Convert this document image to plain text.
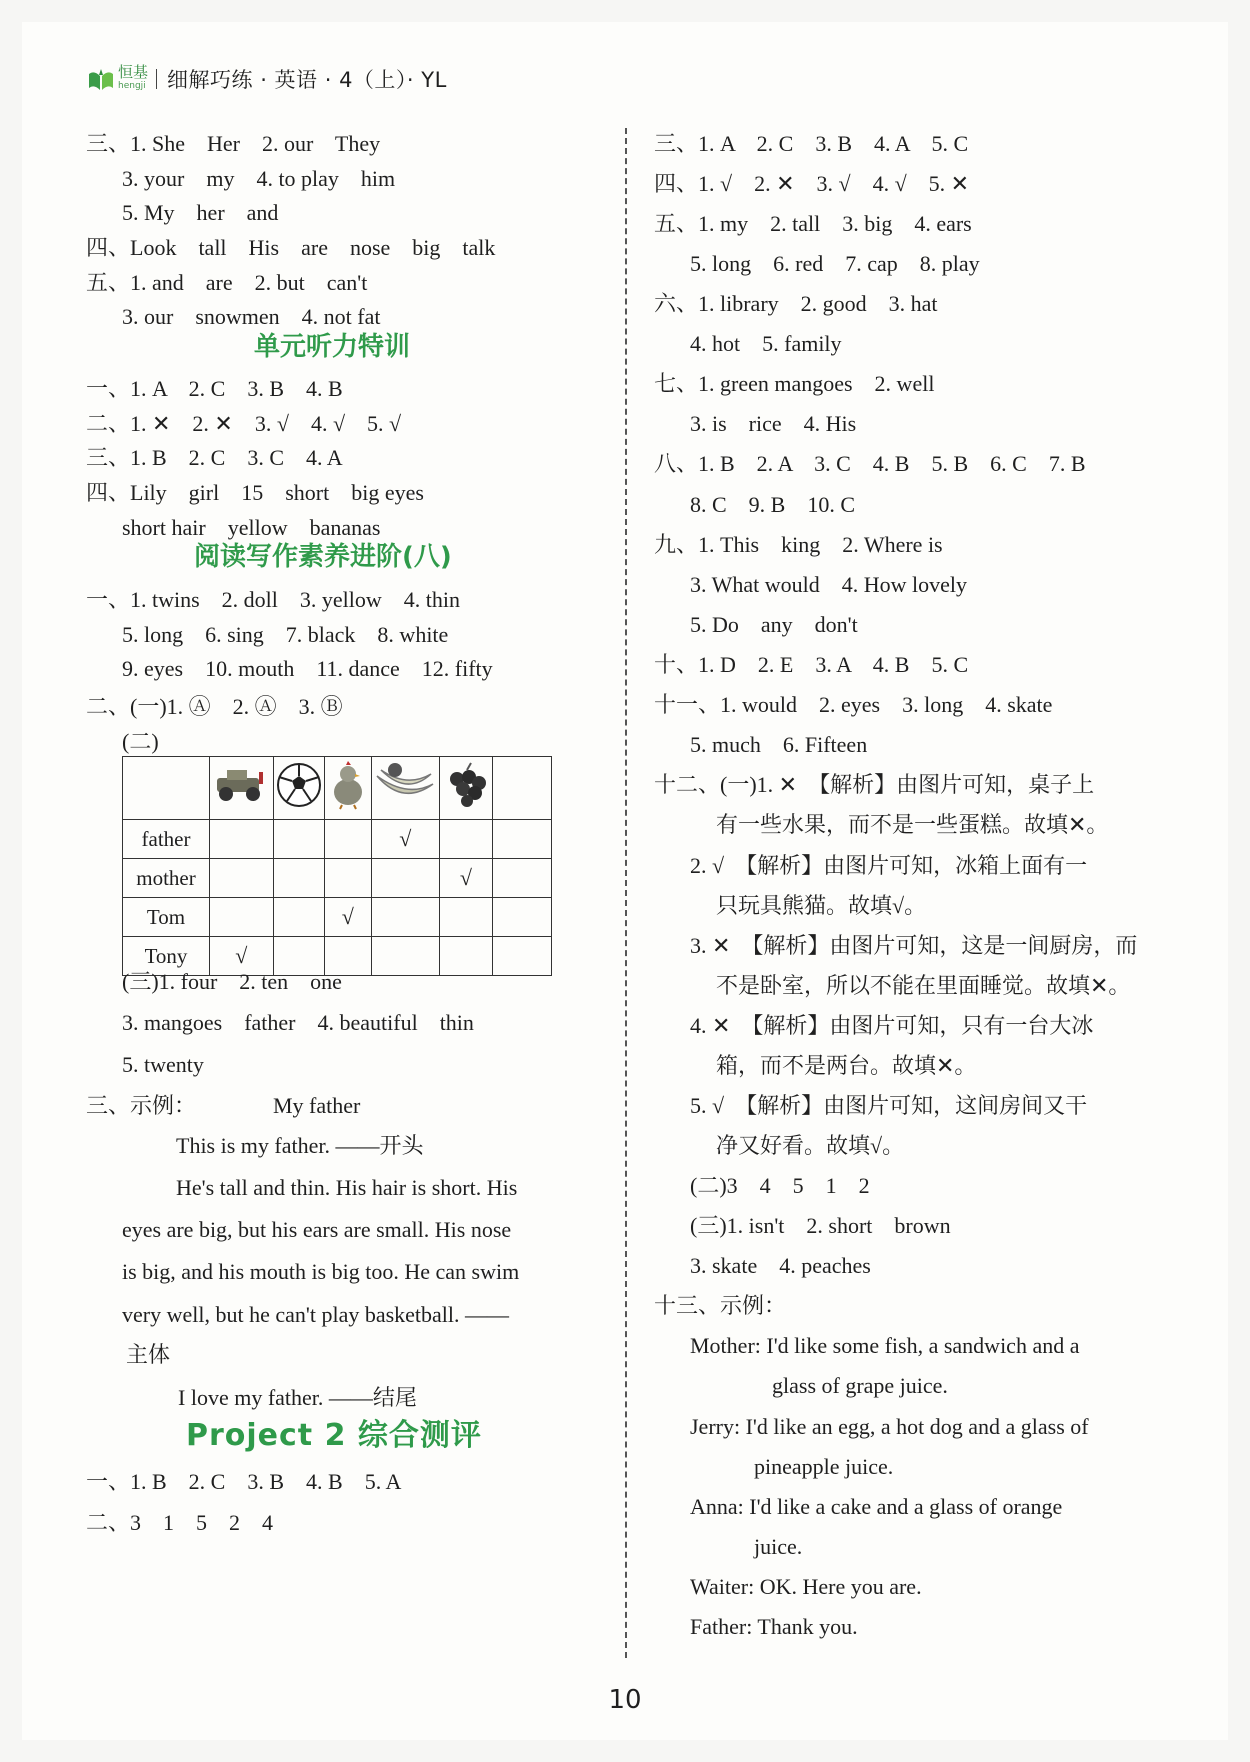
恒基
hengji 细解巧练 · 英语 · 4（上）· YL
三、1. She    Her    2. our    They
3. your    my    4. to play    him
5. My    her    and
四、Look    tall    His    are    nose    big    talk
五、1. and    are    2. but    can't
3. our    snowmen    4. not fat
单元听力特训
一、1. A    2. C    3. B    4. B
二、1. ✕    2. ✕    3. √    4. √    5. √
三、1. B    2. C    3. C    4. A
四、Lily    girl    15    short    big eyes
short hair    yellow    bananas
阅读写作素养进阶(八)
一、1. twins    2. doll    3. yellow    4. thin
5. long    6. sing    7. black    8. white
9. eyes    10. mouth    11. dance    12. fifty
二、(一)1. Ⓐ    2. Ⓐ    3. Ⓑ
(二)

father				√		
mother					√	
Tom			√			
Tony	√					
(三)1. four    2. ten    one
3. mangoes    father    4. beautiful    thin
5. twenty
三、示例：              My father
This is my father. ——开头
He's tall and thin. His hair is short. His
eyes are big, but his ears are small. His nose
is big, and his mouth is big too. He can swim
very well, but he can't play basketball. ——
主体
I love my father. ——结尾
Project 2 综合测评
一、1. B    2. C    3. B    4. B    5. A
二、3    1    5    2    4
三、1. A    2. C    3. B    4. A    5. C
四、1. √    2. ✕    3. √    4. √    5. ✕
五、1. my    2. tall    3. big    4. ears
5. long    6. red    7. cap    8. play
六、1. library    2. good    3. hat
4. hot    5. family
七、1. green mangoes    2. well
3. is    rice    4. His
八、1. B    2. A    3. C    4. B    5. B    6. C    7. B
8. C    9. B    10. C
九、1. This    king    2. Where is
3. What would    4. How lovely
5. Do    any    don't
十、1. D    2. E    3. A    4. B    5. C
十一、1. would    2. eyes    3. long    4. skate
5. much    6. Fifteen
十二、(一)1. ✕  【解析】由图片可知，桌子上
有一些水果，而不是一些蛋糕。故填✕。
2. √  【解析】由图片可知，冰箱上面有一
只玩具熊猫。故填√。
3. ✕  【解析】由图片可知，这是一间厨房，而
不是卧室，所以不能在里面睡觉。故填✕。
4. ✕  【解析】由图片可知，只有一台大冰
箱，而不是两台。故填✕。
5. √  【解析】由图片可知，这间房间又干
净又好看。故填√。
(二)3    4    5    1    2
(三)1. isn't    2. short    brown
3. skate    4. peaches
十三、示例：
Mother: I'd like some fish, a sandwich and a
glass of grape juice.
Jerry: I'd like an egg, a hot dog and a glass of
pineapple juice.
Anna: I'd like a cake and a glass of orange
juice.
Waiter: OK. Here you are.
Father: Thank you.
10
